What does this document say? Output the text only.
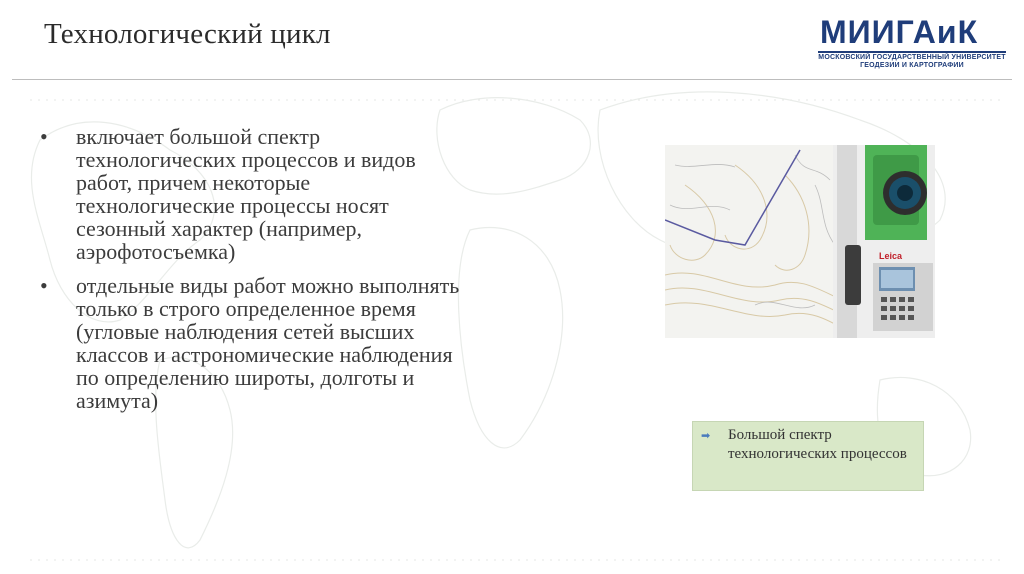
Технологический цикл	МИИГАиК
МОСКОВСКИЙ ГОСУДАРСТВЕННЫЙ УНИВЕРСИТЕТ
ГЕОДЕЗИИ И КАРТОГРАФИИ
• включает большой спектр технологических процессов и видов работ, причем некоторые технологические процессы носят сезонный характер (например, аэрофотосъемка)
• отдельные виды работ можно выполнять только в строго определенное время (угловые наблюдения сетей высших классов и астрономические наблюдения по определению широты, долготы и азимута)
Leica
➡ Большой спектр технологических процессов
